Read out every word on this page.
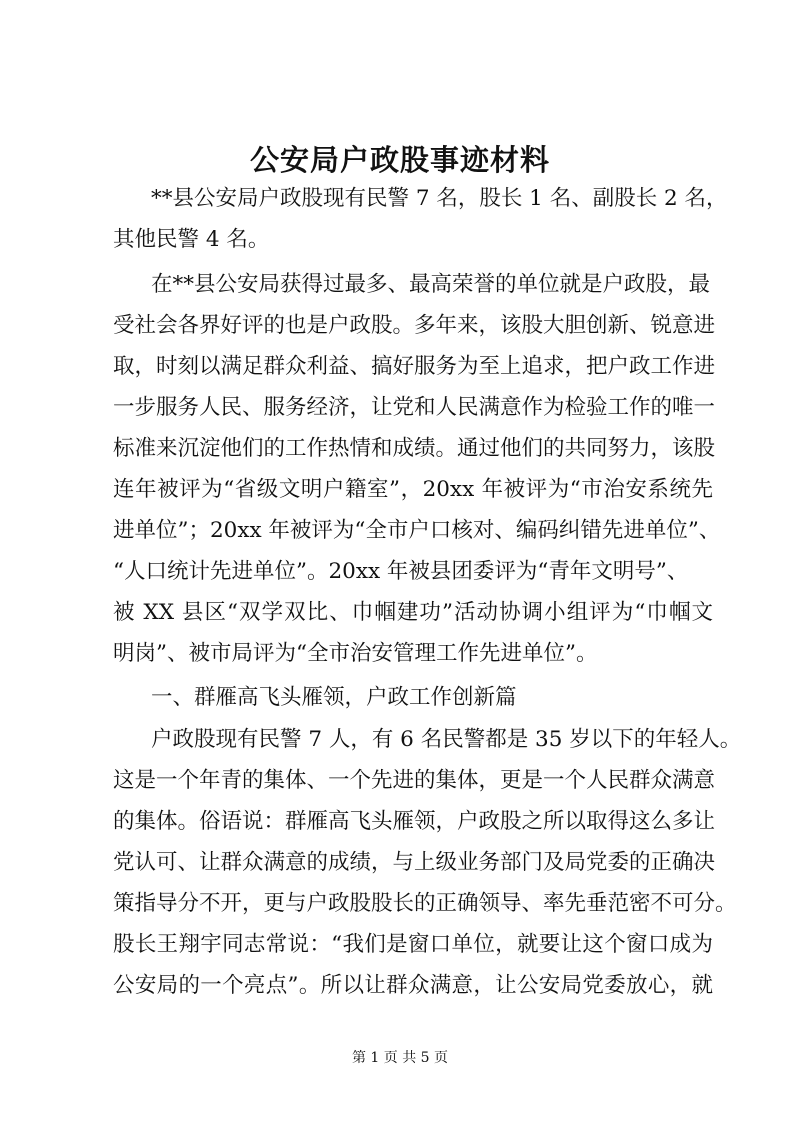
公安局户政股事迹材料
**县公安局户政股现有民警 7 名，股长 1 名、副股长 2 名，
其他民警 4 名。
在**县公安局获得过最多、最高荣誉的单位就是户政股，最
受社会各界好评的也是户政股。多年来，该股大胆创新、锐意进
取，时刻以满足群众利益、搞好服务为至上追求，把户政工作进
一步服务人民、服务经济，让党和人民满意作为检验工作的唯一
标准来沉淀他们的工作热情和成绩。通过他们的共同努力，该股
连年被评为“省级文明户籍室”，20xx 年被评为“市治安系统先
进单位”；20xx 年被评为“全市户口核对、编码纠错先进单位”、
“人口统计先进单位”。20xx 年被县团委评为“青年文明号”、
被 XX 县区“双学双比、巾帼建功”活动协调小组评为“巾帼文
明岗”、被市局评为“全市治安管理工作先进单位”。
一、群雁高飞头雁领，户政工作创新篇
户政股现有民警 7 人，有 6 名民警都是 35 岁以下的年轻人。
这是一个年青的集体、一个先进的集体，更是一个人民群众满意
的集体。俗语说：群雁高飞头雁领，户政股之所以取得这么多让
党认可、让群众满意的成绩，与上级业务部门及局党委的正确决
策指导分不开，更与户政股股长的正确领导、率先垂范密不可分。
股长王翔宇同志常说：“我们是窗口单位，就要让这个窗口成为
公安局的一个亮点”。所以让群众满意，让公安局党委放心，就
第 1 页 共 5 页
